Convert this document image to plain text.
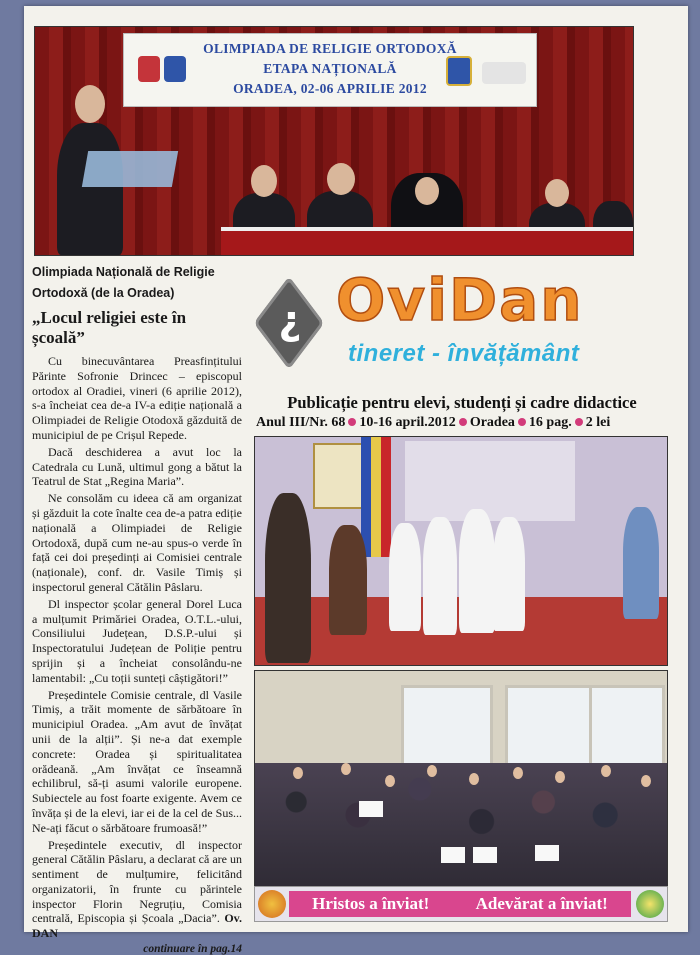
OLIMPIADA DE RELIGIE ORTODOXĂ
ETAPA NAȚIONALĂ
ORADEA, 02-06 APRILIE 2012

Olimpiada Națională de Religie Ortodoxă (de la Oradea)

„Locul religiei este în școală”

Cu binecuvântarea Preasfințitului Părinte Sofronie Drincec – episcopul ortodox al Oradiei, vineri (6 aprilie 2012), s-a încheiat cea de-a IV-a ediție națională a Olimpiadei de Religie Otodoxă găzduită de municipiul de pe Crișul Repede.

Dacă deschiderea a avut loc la Catedrala cu Lună, ultimul gong a bătut la Teatrul de Stat „Regina Maria”.

Ne consolăm cu ideea că am organizat și găzduit la cote înalte cea de-a patra ediție națională a Olimpiadei de Religie Ortodoxă, după cum ne-au spus-o verde în față cei doi președinți ai Comisiei centrale (naționale), conf. dr. Vasile Timiș și inspectorul general Cătălin Pâslaru.

Dl inspector școlar general Dorel Luca a mulțumit Primăriei Oradea, O.T.L.-ului, Consiliului Județean, D.S.P.-ului și Inspectoratului Județean de Poliție pentru sprijin și a încheiat consolându-ne lamentabil: „Cu toții sunteți câștigători!”

Președintele Comisie centrale, dl Vasile Timiș, a trăit momente de sărbătoare în municipiul Oradea. „Am avut de învățat unii de la alții”. Și ne-a dat exemple concrete: Oradea și spiritualitatea orădeană. „Am învățat ce înseamnă echilibrul, să-ți asumi valorile europene. Subiectele au fost foarte exigente. Avem ce învăța și de la elevi, iar ei de la cel de Sus... Ne-ați făcut o sărbătoare frumoasă!”

Președintele executiv, dl inspector general Cătălin Pâslaru, a declarat că are un sentiment de mulțumire, felicitând organizatorii, în frunte cu părintele inspector Florin Negruțiu, Comisia centrală, Episcopia și Școala „Dacia”. Ov. DAN

continuare în pag.14
¿ OviDan
tineret - învățământ
Publicație pentru elevi, studenți și cadre didactice
Anul III/Nr. 68 10-16 april.2012 Oradea 16 pag. 2 lei
Hristos a înviat!	Adevărat a înviat!
